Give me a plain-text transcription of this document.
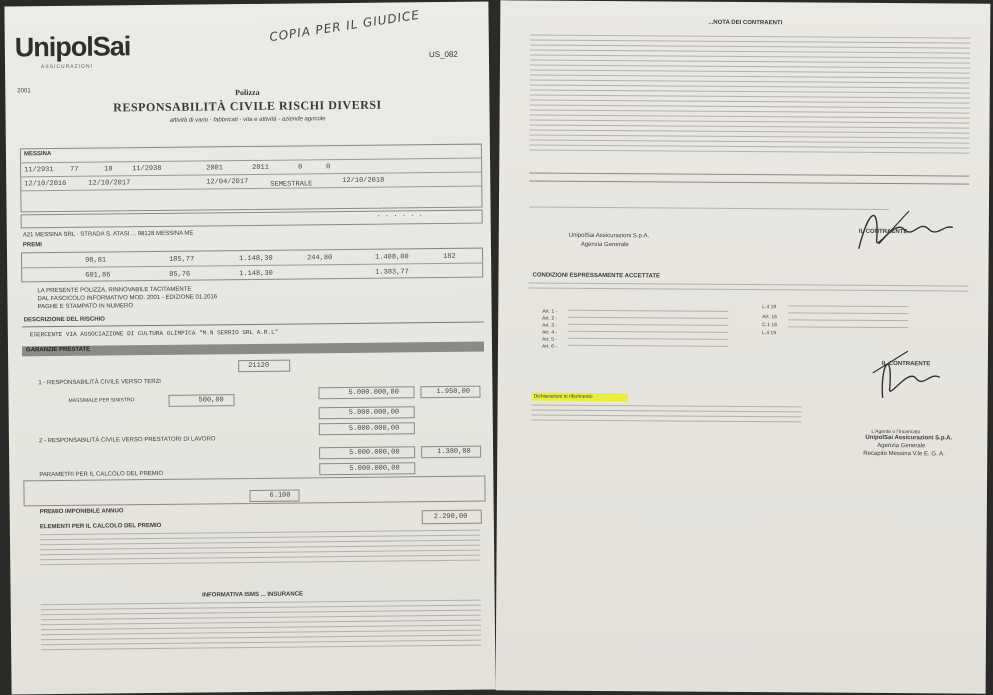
UnipolSai
ASSICURAZIONI
COPIA PER IL GIUDICE
US_082
2001	Polizza
RESPONSABILITÀ CIVILE RISCHI DIVERSI
attività di vario · fabbricati · vita e attività - aziende agricole
MESSINA
11/2931 77	18	11/2938	2001	2011	0	0
12/10/2016	12/10/2017	12/04/2017	SEMESTRALE	12/10/2018
· · · · · ·
A21 MESSINA SRL · STRADA S. ATASI ... 98128 MESSINA ME
PREMI
98,81	185,77	1.148,30	244,80	1.408,00	182
601,86	85,76	1.148,30	1.383,77
LA PRESENTE POLIZZA, RINNOVABILE TACITAMENTE
DAL FASCICOLO INFORMATIVO MOD. 2001 - EDIZIONE 01.2016
PAGHE E STAMPATO IN NUMERO
DESCRIZIONE DEL RISCHIO
ESERCENTE VIA ASSOCIAZIONE DI CULTURA OLIMPICA "M.N SERRIO SRL A.R.L"
GARANZIE PRESTATE
21120
1 - RESPONSABILITÀ CIVILE VERSO TERZI
MASSIMALE PER SINISTRO	500,00
5.000.000,00	1.950,00
5.000.000,00
5.000.000,00
2 - RESPONSABILITÀ CIVILE VERSO PRESTATORI DI LAVORO
5.000.000,00	1.380,00
5.000.000,00
PARAMETRI PER IL CALCOLO DEL PREMIO
6.100
PREMIO IMPONIBILE ANNUO
2.290,00
ELEMENTI PER IL CALCOLO DEL PREMIO
INFORMATIVA ISMS ... INSURANCE
...NOTA DEI CONTRAENTI
UnipolSai Assicurazioni S.p.A.
Agenzia Generale
IL CONTRAENTE
CONDIZIONI ESPRESSAMENTE ACCETTATE
Art. 1 -
Art. 2 -
Art. 3 -
Art. 4 -
Art. 5 -
Art. 6 -
L.4 19
Art. 16
C.1 18
L.4 19
IL CONTRAENTE
Dichiarazioni in riferimento
L'Agente o l'Incaricato
UnipolSai Assicurazioni S.p.A.
Agenzia Generale
Recapito Messina V.le E. G. A.
